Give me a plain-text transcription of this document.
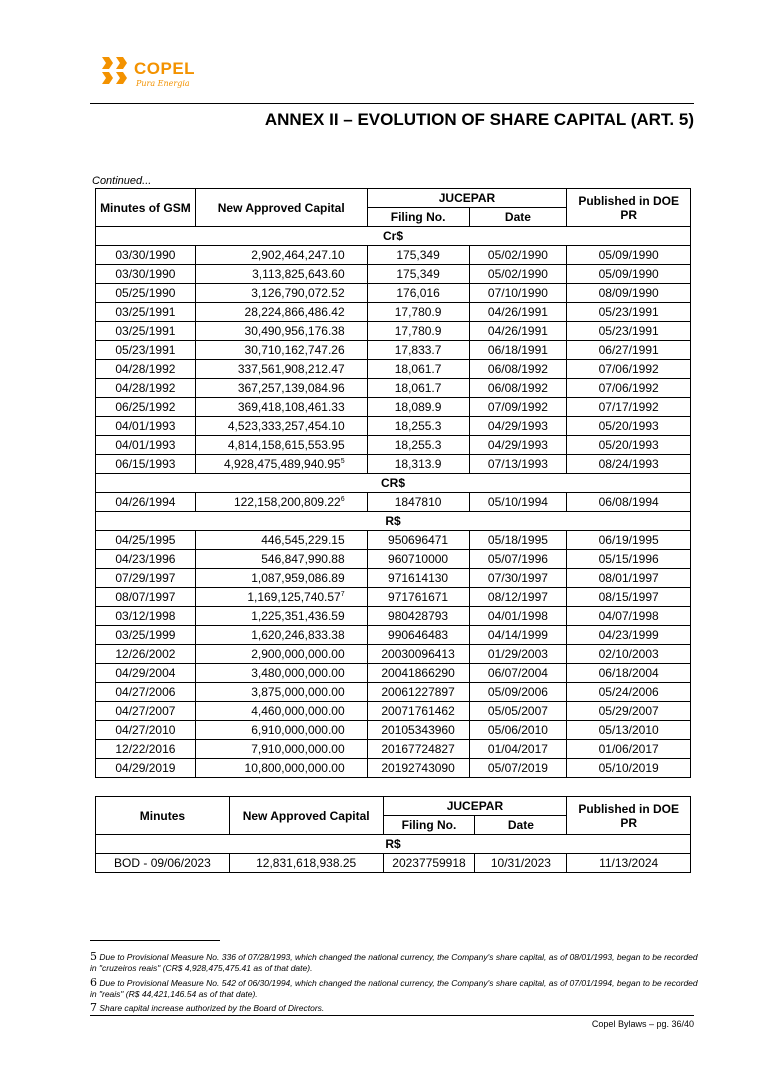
COPEL
Pura Energia
ANNEX II – EVOLUTION OF SHARE CAPITAL (ART. 5)
Continued...
Minutes of GSM	New Approved Capital	JUCEPAR		Published in DOE PR
		Filing No.	Date	
Cr$				
03/30/1990	2,902,464,247.10	175,349	05/02/1990	05/09/1990
03/30/1990	3,113,825,643.60	175,349	05/02/1990	05/09/1990
05/25/1990	3,126,790,072.52	176,016	07/10/1990	08/09/1990
03/25/1991	28,224,866,486.42	17,780.9	04/26/1991	05/23/1991
03/25/1991	30,490,956,176.38	17,780.9	04/26/1991	05/23/1991
05/23/1991	30,710,162,747.26	17,833.7	06/18/1991	06/27/1991
04/28/1992	337,561,908,212.47	18,061.7	06/08/1992	07/06/1992
04/28/1992	367,257,139,084.96	18,061.7	06/08/1992	07/06/1992
06/25/1992	369,418,108,461.33	18,089.9	07/09/1992	07/17/1992
04/01/1993	4,523,333,257,454.10	18,255.3	04/29/1993	05/20/1993
04/01/1993	4,814,158,615,553.95	18,255.3	04/29/1993	05/20/1993
06/15/1993	4,928,475,489,940.95$^5$	18,313.9	07/13/1993	08/24/1993
CR$				
04/26/1994	122,158,200,809.22$^6$	1847810	05/10/1994	06/08/1994
R$				
04/25/1995	446,545,229.15	950696471	05/18/1995	06/19/1995
04/23/1996	546,847,990.88	960710000	05/07/1996	05/15/1996
07/29/1997	1,087,959,086.89	971614130	07/30/1997	08/01/1997
08/07/1997	1,169,125,740.57$^7$	971761671	08/12/1997	08/15/1997
03/12/1998	1,225,351,436.59	980428793	04/01/1998	04/07/1998
03/25/1999	1,620,246,833.38	990646483	04/14/1999	04/23/1999
12/26/2002	2,900,000,000.00	20030096413	01/29/2003	02/10/2003
04/29/2004	3,480,000,000.00	20041866290	06/07/2004	06/18/2004
04/27/2006	3,875,000,000.00	20061227897	05/09/2006	05/24/2006
04/27/2007	4,460,000,000.00	20071761462	05/05/2007	05/29/2007
04/27/2010	6,910,000,000.00	20105343960	05/06/2010	05/13/2010
12/22/2016	7,910,000,000.00	20167724827	01/04/2017	01/06/2017
04/29/2019	10,800,000,000.00	20192743090	05/07/2019	05/10/2019
Minutes	New Approved Capital	JUCEPAR		Published in DOE PR
		Filing No.	Date	
R$				
BOD - 09/06/2023	12,831,618,938.25	20237759918	10/31/2023	11/13/2024
5 Due to Provisional Measure No. 336 of 07/28/1993, which changed the national currency, the Company's share capital, as of 08/01/1993, began to be recorded in "cruzeiros reais" (CR$ 4,928,475,475.41 as of that date).
6 Due to Provisional Measure No. 542 of 06/30/1994, which changed the national currency, the Company's share capital, as of 07/01/1994, began to be recorded in "reais" (R$ 44,421,146.54 as of that date).
7 Share capital increase authorized by the Board of Directors.
Copel Bylaws – pg. 36/40
